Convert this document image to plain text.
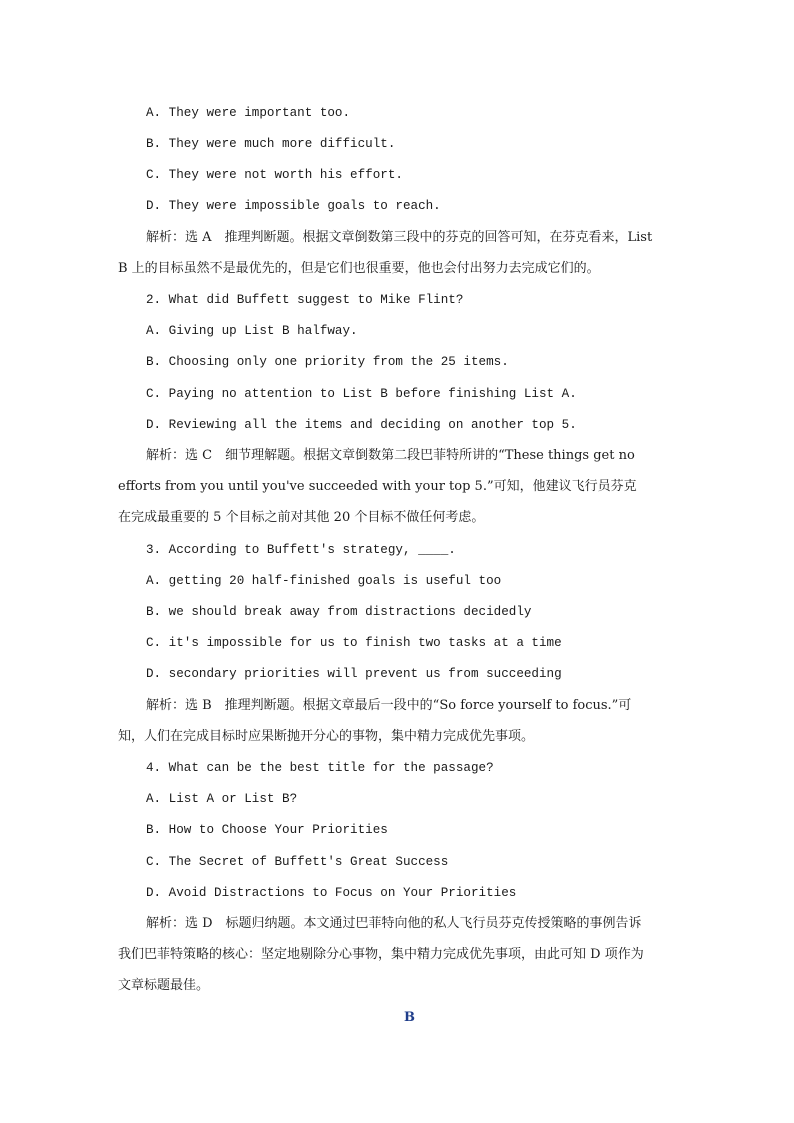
A. They were important too.
B. They were much more difficult.
C. They were not worth his effort.
D. They were impossible goals to reach.
解析：选 A　推理判断题。根据文章倒数第三段中的芬克的回答可知，在芬克看来，List
B 上的目标虽然不是最优先的，但是它们也很重要，他也会付出努力去完成它们的。
2. What did Buffett suggest to Mike Flint?
A. Giving up List B halfway.
B. Choosing only one priority from the 25 items.
C. Paying no attention to List B before finishing List A.
D. Reviewing all the items and deciding on another top 5.
解析：选 C　细节理解题。根据文章倒数第二段巴菲特所讲的“These things get no
efforts from you until you've succeeded with your top 5.”可知，他建议飞行员芬克
在完成最重要的 5 个目标之前对其他 20 个目标不做任何考虑。
3. According to Buffett's strategy, ____.
A. getting 20 half-finished goals is useful too
B. we should break away from distractions decidedly
C. it's impossible for us to finish two tasks at a time
D. secondary priorities will prevent us from succeeding
解析：选 B　推理判断题。根据文章最后一段中的“So force yourself to focus.”可
知，人们在完成目标时应果断抛开分心的事物，集中精力完成优先事项。
4. What can be the best title for the passage?
A. List A or List B?
B. How to Choose Your Priorities
C. The Secret of Buffett's Great Success
D. Avoid Distractions to Focus on Your Priorities
解析：选 D　标题归纳题。本文通过巴菲特向他的私人飞行员芬克传授策略的事例告诉
我们巴菲特策略的核心：坚定地剔除分心事物，集中精力完成优先事项，由此可知 D 项作为
文章标题最佳。
B
